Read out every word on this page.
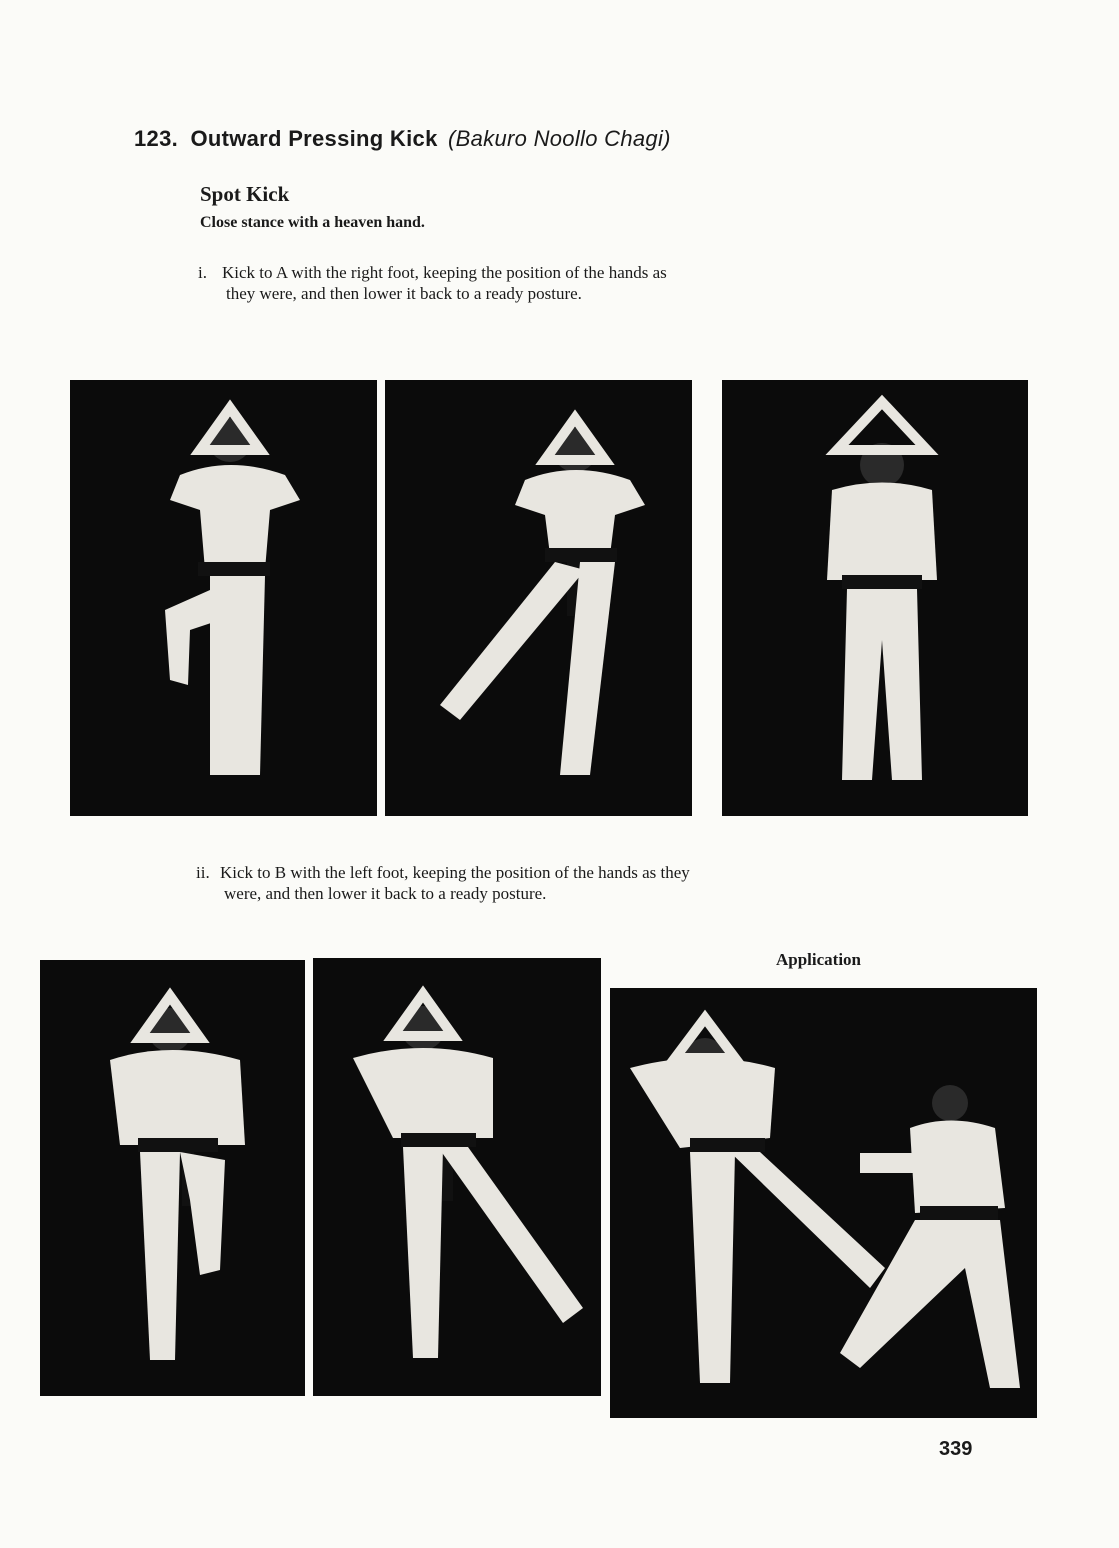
123. Outward Pressing Kick (Bakuro Noollo Chagi)
Spot Kick
Close stance with a heaven hand.
i. Kick to A with the right foot, keeping the position of the hands as
they were, and then lower it back to a ready posture.
ii. Kick to B with the left foot, keeping the position of the hands as they
were, and then lower it back to a ready posture.
Application
339
